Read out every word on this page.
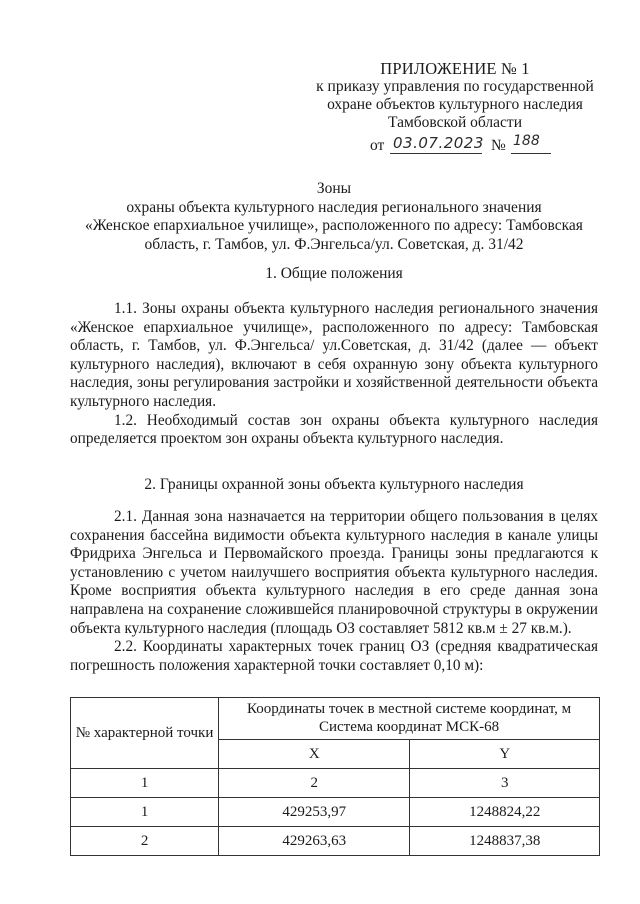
ПРИЛОЖЕНИЕ № 1
к приказу управления по государственной
охране объектов культурного наследия
Тамбовской области
от 03.07.2023 № 188
Зоны
охраны объекта культурного наследия регионального значения
«Женское епархиальное училище», расположенного по адресу: Тамбовская
область, г. Тамбов, ул. Ф.Энгельса/ул. Советская, д. 31/42
1. Общие положения

1.1. Зоны охраны объекта культурного наследия регионального значения «Женское епархиальное училище», расположенного по адресу: Тамбовская область, г. Тамбов, ул. Ф.Энгельса/ ул.Советская, д. 31/42 (далее — объект культурного наследия), включают в себя охранную зону объекта культурного наследия, зоны регулирования застройки и хозяйственной деятельности объекта культурного наследия.

1.2. Необходимый состав зон охраны объекта культурного наследия определяется проектом зон охраны объекта культурного наследия.

2. Границы охранной зоны объекта культурного наследия

2.1. Данная зона назначается на территории общего пользования в целях сохранения бассейна видимости объекта культурного наследия в канале улицы Фридриха Энгельса и Первомайского проезда. Границы зоны предлагаются к установлению с учетом наилучшего восприятия объекта культурного наследия. Кроме восприятия объекта культурного наследия в его среде данная зона направлена на сохранение сложившейся планировочной структуры в окружении объекта культурного наследия (площадь ОЗ составляет 5812 кв.м ± 27 кв.м.).

2.2. Координаты характерных точек границ ОЗ (средняя квадратическая погрешность положения характерной точки составляет 0,10 м):

№ характерной точки	Координаты точек в местной системе координат, м Система координат МСК-68	
	X	Y
1	2	3
1	429253,97	1248824,22
2	429263,63	1248837,38
